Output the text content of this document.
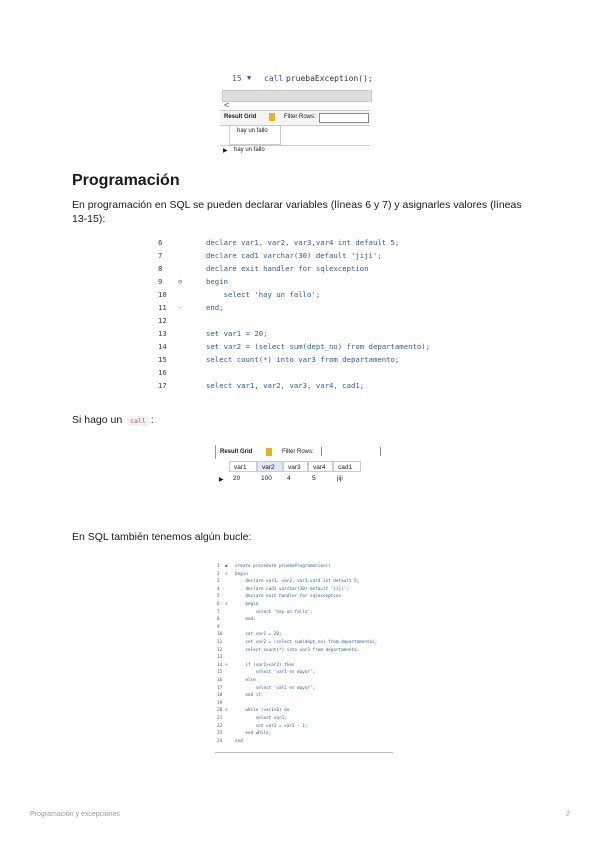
15 ▼ call pruebaException();
<
Result Grid	Filter Rows:
hay un fallo
▶ hay un fallo
Programación

En programación en SQL se pueden declarar variables (líneas 6 y 7) y asignarles valores (líneas 13-15):

6	declare var1, var2, var3,var4 int default 5;
7	declare cad1 varchar(30) default 'jiji';
8	declare exit handler for sqlexception
9 ⊖	begin
10	select 'hay un fallo';
11 -	end;
12
13	set var1 = 20;
14	set var2 = (select sum(dept_no) from departamento);
15	select count(*) into var3 from departamento;
16
17	select var1, var2, var3, var4, cad1;
Si hago un call :
Result Grid	Filter Rows:
var1	var2	var3	var4	cad1
▶	20	100	4	5	jiji

En SQL también tenemos algún bucle:

1 ● create procedure pruebaProgramacion()
2 ⊖ begin
3	declare var1, var2, var3,var4 int default 5;
4	declare cad1 varchar(30) default 'jiji';
5	declare exit handler for sqlexception
6 ⊖ begin
7	select 'hay un fallo';
8	end;
9
10	set var1 = 20;
11	set var2 = (select sum(dept_no) from departamento);
12	select count(*) into var3 from departamento;
13
14 ⊖ if (var1>var2) then
15	select 'var1 es mayor';
16	else
17	select 'var2 es mayor';
18	end if;
19
20 ⊖ while (var1>0) do
21	select var1;
22	set var1 = var1 - 1;
23	end while;
24	end
Programación y excepciones	2
